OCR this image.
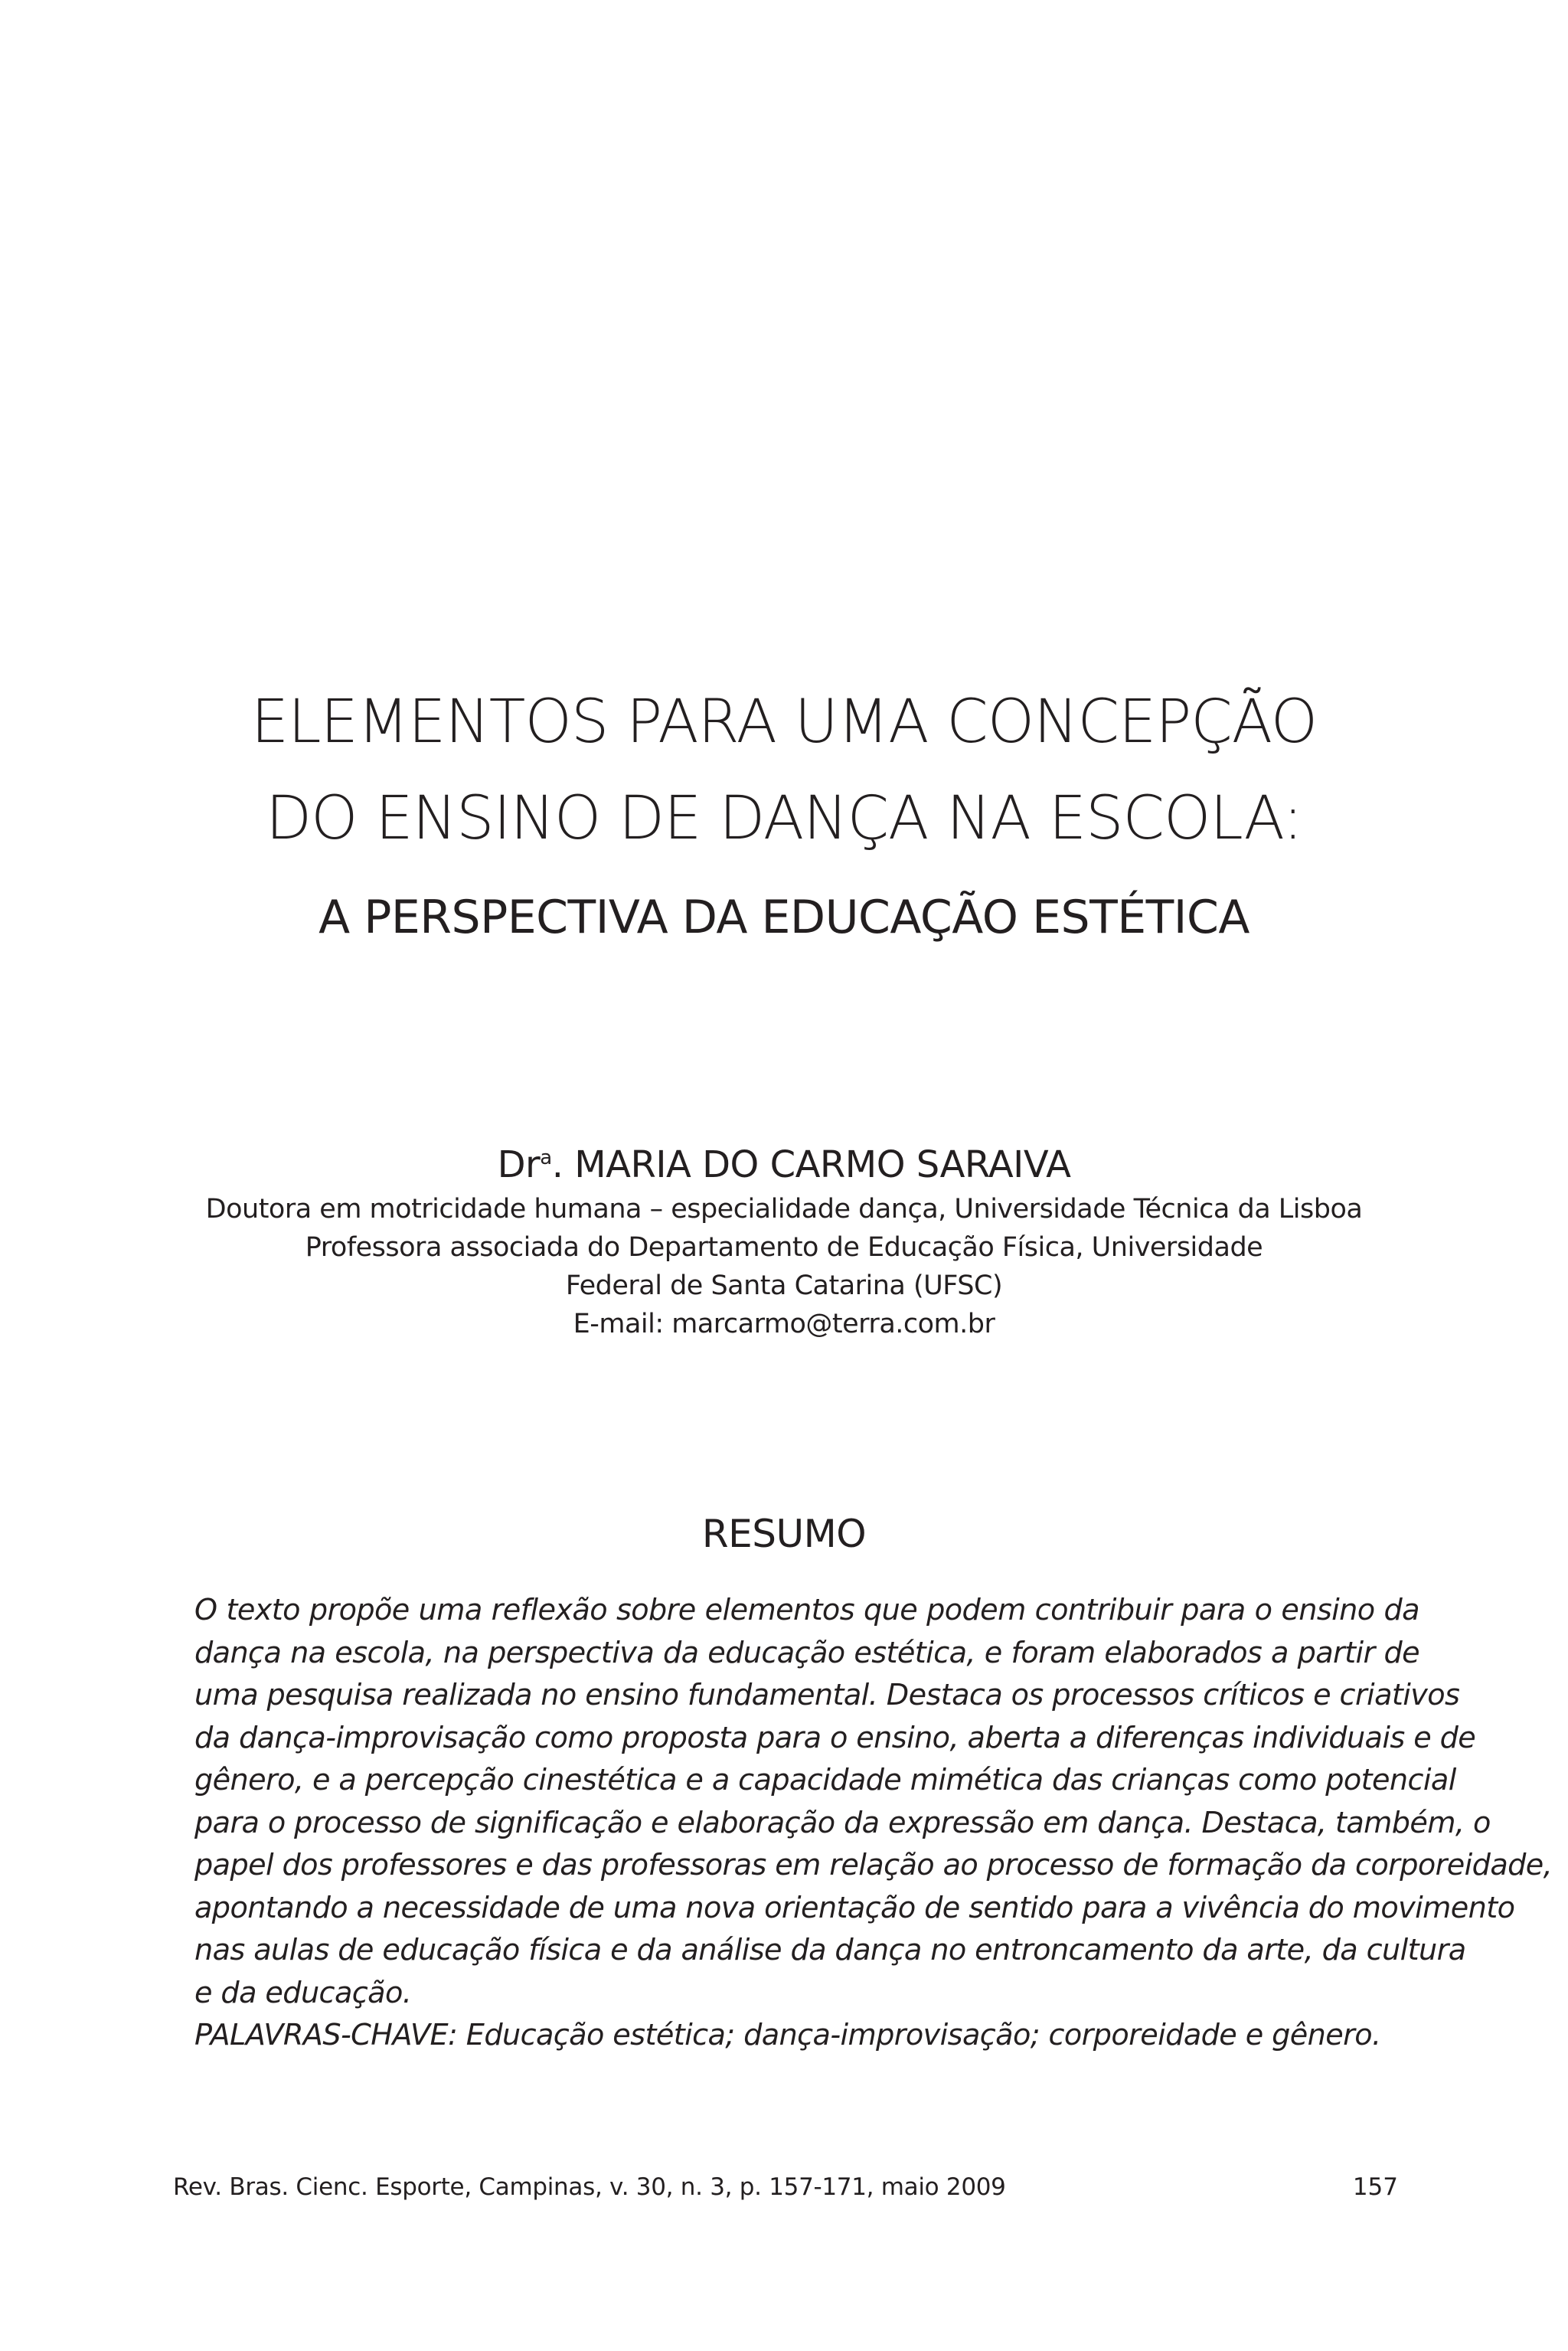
ELEMENTOS PARA UMA CONCEPÇÃO
DO ENSINO DE DANÇA NA ESCOLA:
A PERSPECTIVA DA EDUCAÇÃO ESTÉTICA
Dr$^a$. MARIA DO CARMO SARAIVA
Doutora em motricidade humana – especialidade dança, Universidade Técnica da Lisboa
Professora associada do Departamento de Educação Física, Universidade
Federal de Santa Catarina (UFSC)
E-mail: marcarmo@terra.com.br
RESUMO
O texto propõe uma reflexão sobre elementos que podem contribuir para o ensino da
dança na escola, na perspectiva da educação estética, e foram elaborados a partir de
uma pesquisa realizada no ensino fundamental. Destaca os processos críticos e criativos
da dança-improvisação como proposta para o ensino, aberta a diferenças individuais e de
gênero, e a percepção cinestética e a capacidade mimética das crianças como potencial
para o processo de significação e elaboração da expressão em dança. Destaca, também, o
papel dos professores e das professoras em relação ao processo de formação da corporeidade,
apontando a necessidade de uma nova orientação de sentido para a vivência do movimento
nas aulas de educação física e da análise da dança no entroncamento da arte, da cultura
e da educação.
PALAVRAS-CHAVE: Educação estética; dança-improvisação; corporeidade e gênero.
Rev. Bras. Cienc. Esporte, Campinas, v. 30, n. 3, p. 157-171, maio 2009	157
